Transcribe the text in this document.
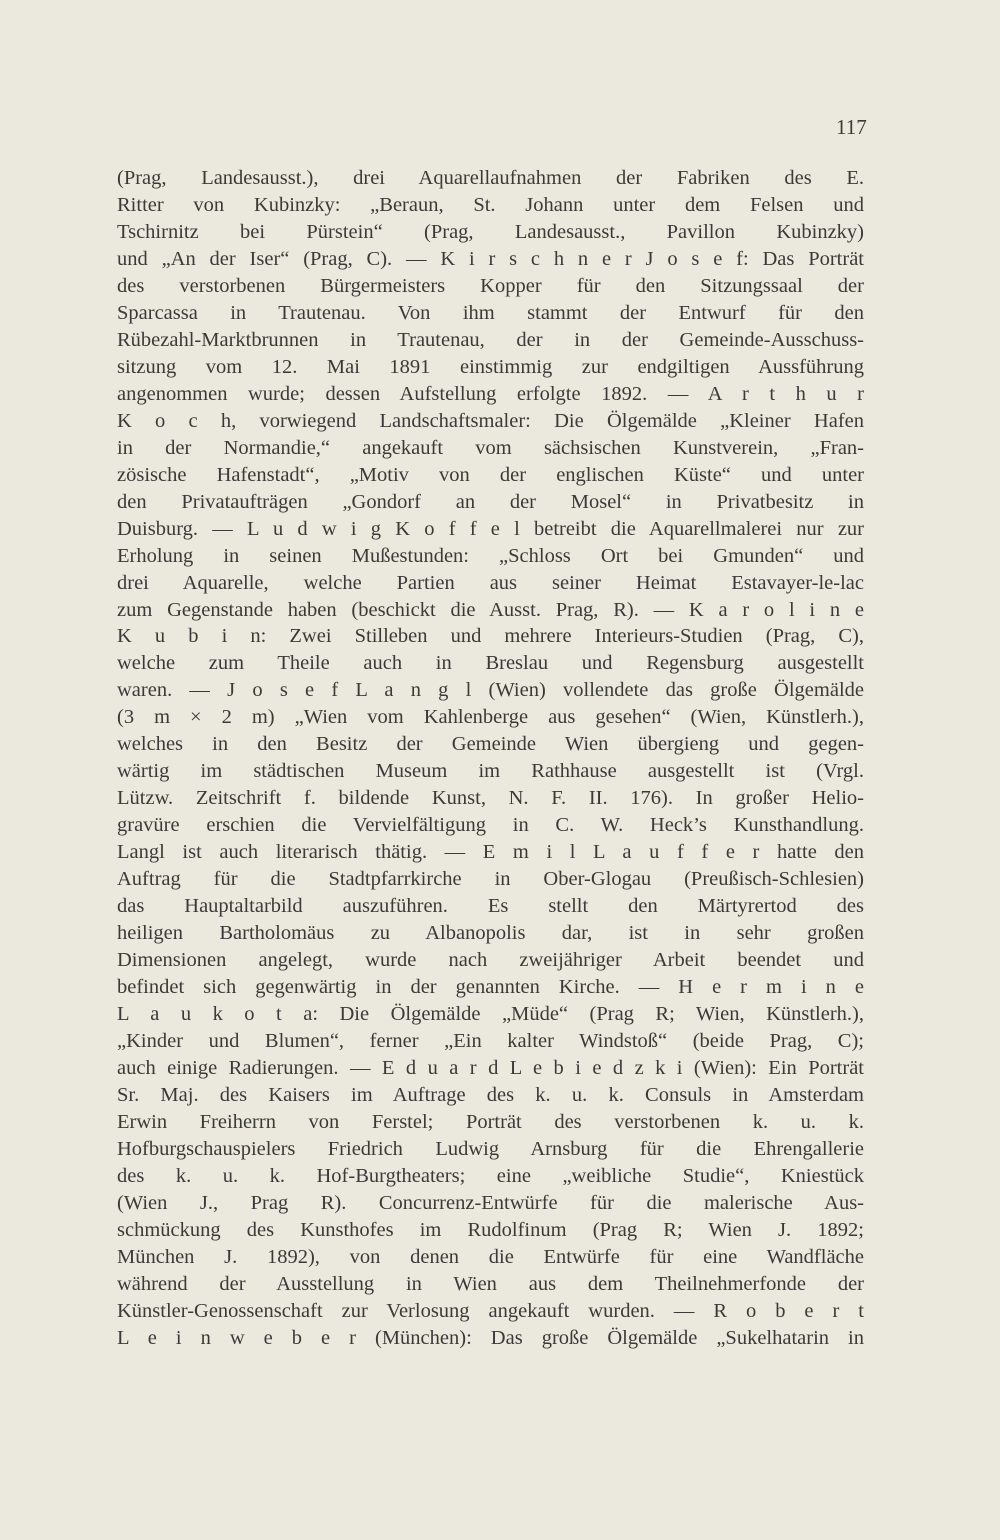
117
(Prag, Landesausst.), drei Aquarellaufnahmen der Fabriken des E.
Ritter von Kubinzky: „Beraun, St. Johann unter dem Felsen und
Tschirnitz bei Pürstein“ (Prag, Landesausst., Pavillon Kubinzky)
und „An der Iser“ (Prag, C). — K i r s c h n e r J o s e f: Das Porträt
des verstorbenen Bürgermeisters Kopper für den Sitzungssaal der
Sparcassa in Trautenau. Von ihm stammt der Entwurf für den
Rübezahl-Marktbrunnen in Trautenau, der in der Gemeinde-Ausschuss-
sitzung vom 12. Mai 1891 einstimmig zur endgiltigen Aussführung
angenommen wurde; dessen Aufstellung erfolgte 1892. — A r t h u r
K o c h, vorwiegend Landschaftsmaler: Die Ölgemälde „Kleiner Hafen
in der Normandie,“ angekauft vom sächsischen Kunstverein, „Fran-
zösische Hafenstadt“, „Motiv von der englischen Küste“ und unter
den Privataufträgen „Gondorf an der Mosel“ in Privatbesitz in
Duisburg. — L u d w i g K o f f e l betreibt die Aquarellmalerei nur zur
Erholung in seinen Mußestunden: „Schloss Ort bei Gmunden“ und
drei Aquarelle, welche Partien aus seiner Heimat Estavayer-le-lac
zum Gegenstande haben (beschickt die Ausst. Prag, R). — K a r o l i n e
K u b i n: Zwei Stilleben und mehrere Interieurs-Studien (Prag, C),
welche zum Theile auch in Breslau und Regensburg ausgestellt
waren. — J o s e f L a n g l (Wien) vollendete das große Ölgemälde
(3 m × 2 m) „Wien vom Kahlenberge aus gesehen“ (Wien, Künstlerh.),
welches in den Besitz der Gemeinde Wien übergieng und gegen-
wärtig im städtischen Museum im Rathhause ausgestellt ist (Vrgl.
Lützw. Zeitschrift f. bildende Kunst, N. F. II. 176). In großer Helio-
gravüre erschien die Vervielfältigung in C. W. Heck’s Kunsthandlung.
Langl ist auch literarisch thätig. — E m i l L a u f f e r hatte den
Auftrag für die Stadtpfarrkirche in Ober-Glogau (Preußisch-Schlesien)
das Hauptaltarbild auszuführen. Es stellt den Märtyrertod des
heiligen Bartholomäus zu Albanopolis dar, ist in sehr großen
Dimensionen angelegt, wurde nach zweijähriger Arbeit beendet und
befindet sich gegenwärtig in der genannten Kirche. — H e r m i n e
L a u k o t a: Die Ölgemälde „Müde“ (Prag R; Wien, Künstlerh.),
„Kinder und Blumen“, ferner „Ein kalter Windstoß“ (beide Prag, C);
auch einige Radierungen. — E d u a r d L e b i e d z k i (Wien): Ein Porträt
Sr. Maj. des Kaisers im Auftrage des k. u. k. Consuls in Amsterdam
Erwin Freiherrn von Ferstel; Porträt des verstorbenen k. u. k.
Hofburgschauspielers Friedrich Ludwig Arnsburg für die Ehrengallerie
des k. u. k. Hof-Burgtheaters; eine „weibliche Studie“, Kniestück
(Wien J., Prag R). Concurrenz-Entwürfe für die malerische Aus-
schmückung des Kunsthofes im Rudolfinum (Prag R; Wien J. 1892;
München J. 1892), von denen die Entwürfe für eine Wandfläche
während der Ausstellung in Wien aus dem Theilnehmerfonde der
Künstler-Genossenschaft zur Verlosung angekauft wurden. — R o b e r t
L e i n w e b e r (München): Das große Ölgemälde „Sukelhatarin in
